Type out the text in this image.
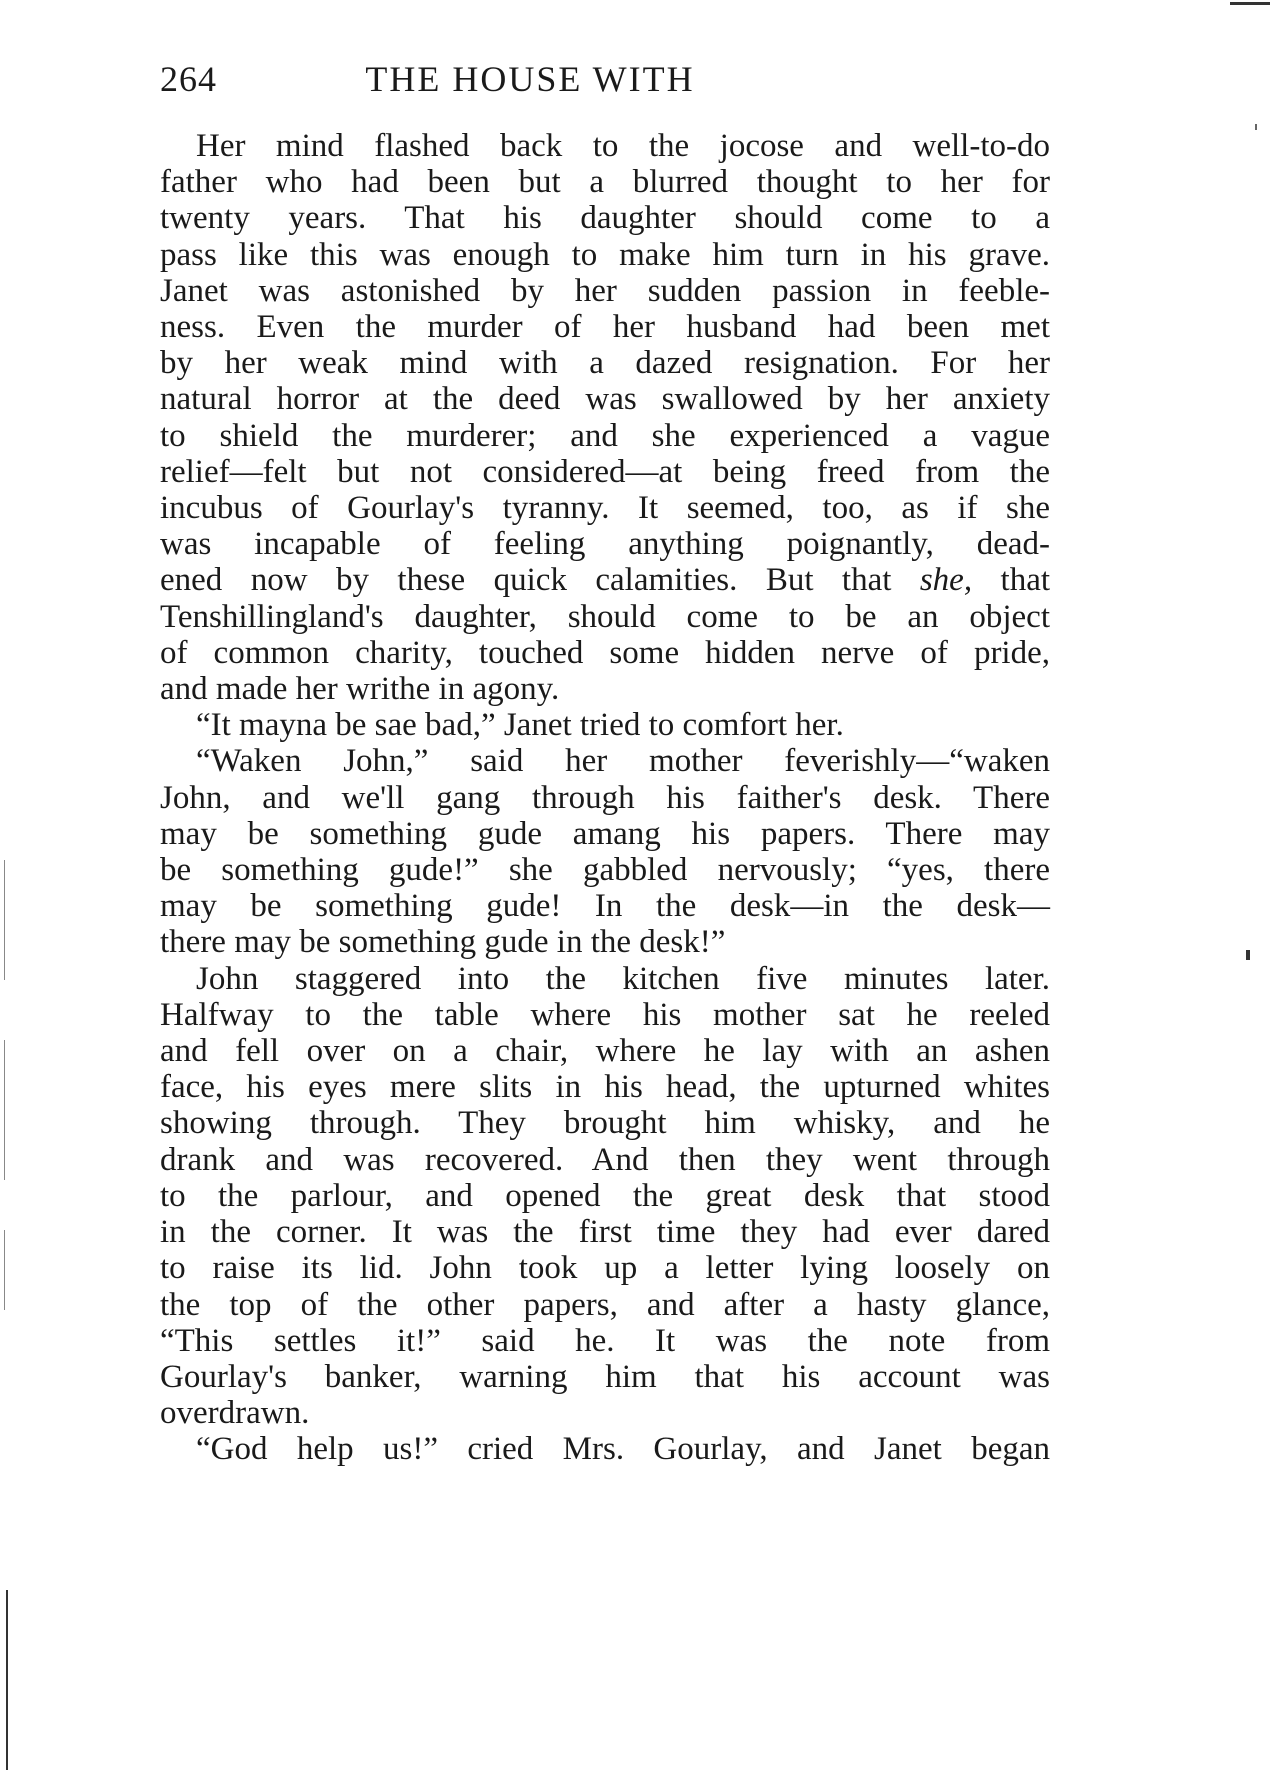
264	THE HOUSE WITH
Her mind flashed back to the jocose and well-to-do
father who had been but a blurred thought to her for
twenty years. That his daughter should come to a
pass like this was enough to make him turn in his grave.
Janet was astonished by her sudden passion in feeble-
ness. Even the murder of her husband had been met
by her weak mind with a dazed resignation. For her
natural horror at the deed was swallowed by her anxiety
to shield the murderer; and she experienced a vague
relief—felt but not considered—at being freed from the
incubus of Gourlay's tyranny. It seemed, too, as if she
was incapable of feeling anything poignantly, dead-
ened now by these quick calamities. But that she, that
Tenshillingland's daughter, should come to be an object
of common charity, touched some hidden nerve of pride,
and made her writhe in agony.
“It mayna be sae bad,” Janet tried to comfort her.
“Waken John,” said her mother feverishly—“waken
John, and we'll gang through his faither's desk. There
may be something gude amang his papers. There may
be something gude!” she gabbled nervously; “yes, there
may be something gude! In the desk—in the desk—
there may be something gude in the desk!”
John staggered into the kitchen five minutes later.
Halfway to the table where his mother sat he reeled
and fell over on a chair, where he lay with an ashen
face, his eyes mere slits in his head, the upturned whites
showing through. They brought him whisky, and he
drank and was recovered. And then they went through
to the parlour, and opened the great desk that stood
in the corner. It was the first time they had ever dared
to raise its lid. John took up a letter lying loosely on
the top of the other papers, and after a hasty glance,
“This settles it!” said he. It was the note from
Gourlay's banker, warning him that his account was
overdrawn.
“God help us!” cried Mrs. Gourlay, and Janet began
